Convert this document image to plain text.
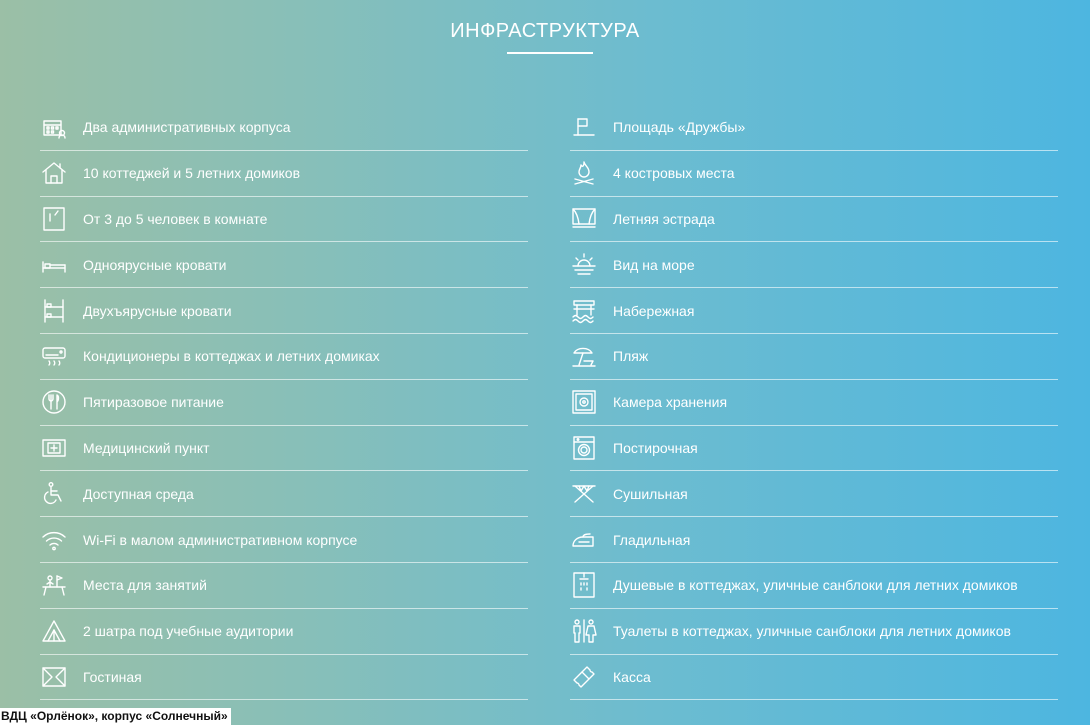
ИНФРАСТРУКТУРА
Два административных корпуса
10 коттеджей и 5 летних домиков
От 3 до 5 человек в комнате
Одноярусные кровати
Двухъярусные кровати
Кондиционеры в коттеджах и летних домиках
Пятиразовое питание
Медицинский пункт
Доступная среда
Wi-Fi в малом административном корпусе
Места для занятий
2 шатра под учебные аудитории
Гостиная
Площадь «Дружбы»
4 костровых места
Летняя эстрада
Вид на море
Набережная
Пляж
Камера хранения
Постирочная
Сушильная
Гладильная
Душевые в коттеджах, уличные санблоки для летних домиков
Туалеты в коттеджах, уличные санблоки для летних домиков
Касса
ВДЦ «Орлёнок», корпус «Солнечный»
